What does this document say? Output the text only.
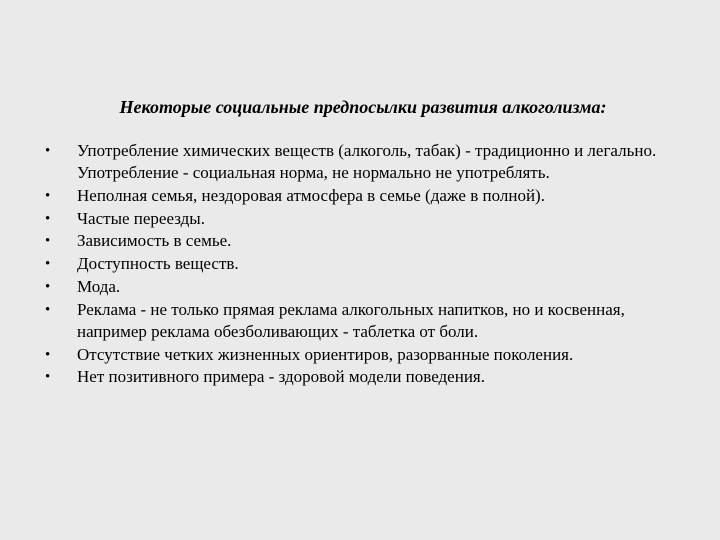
Некоторые социальные предпосылки развития алкоголизма:
•	Употребление химических веществ (алкоголь, табак) - традиционно и легально. Употребление - социальная норма, не нормально не употреблять.
•	Неполная семья, нездоровая атмосфера в семье (даже в полной).
•	Частые переезды.
•	Зависимость в семье.
•	Доступность веществ.
•	Мода.
•	Реклама - не только прямая реклама алкогольных напитков, но и косвенная, например реклама обезболивающих - таблетка от боли.
•	Отсутствие четких жизненных ориентиров, разорванные поколения.
•	Нет позитивного примера - здоровой модели поведения.
